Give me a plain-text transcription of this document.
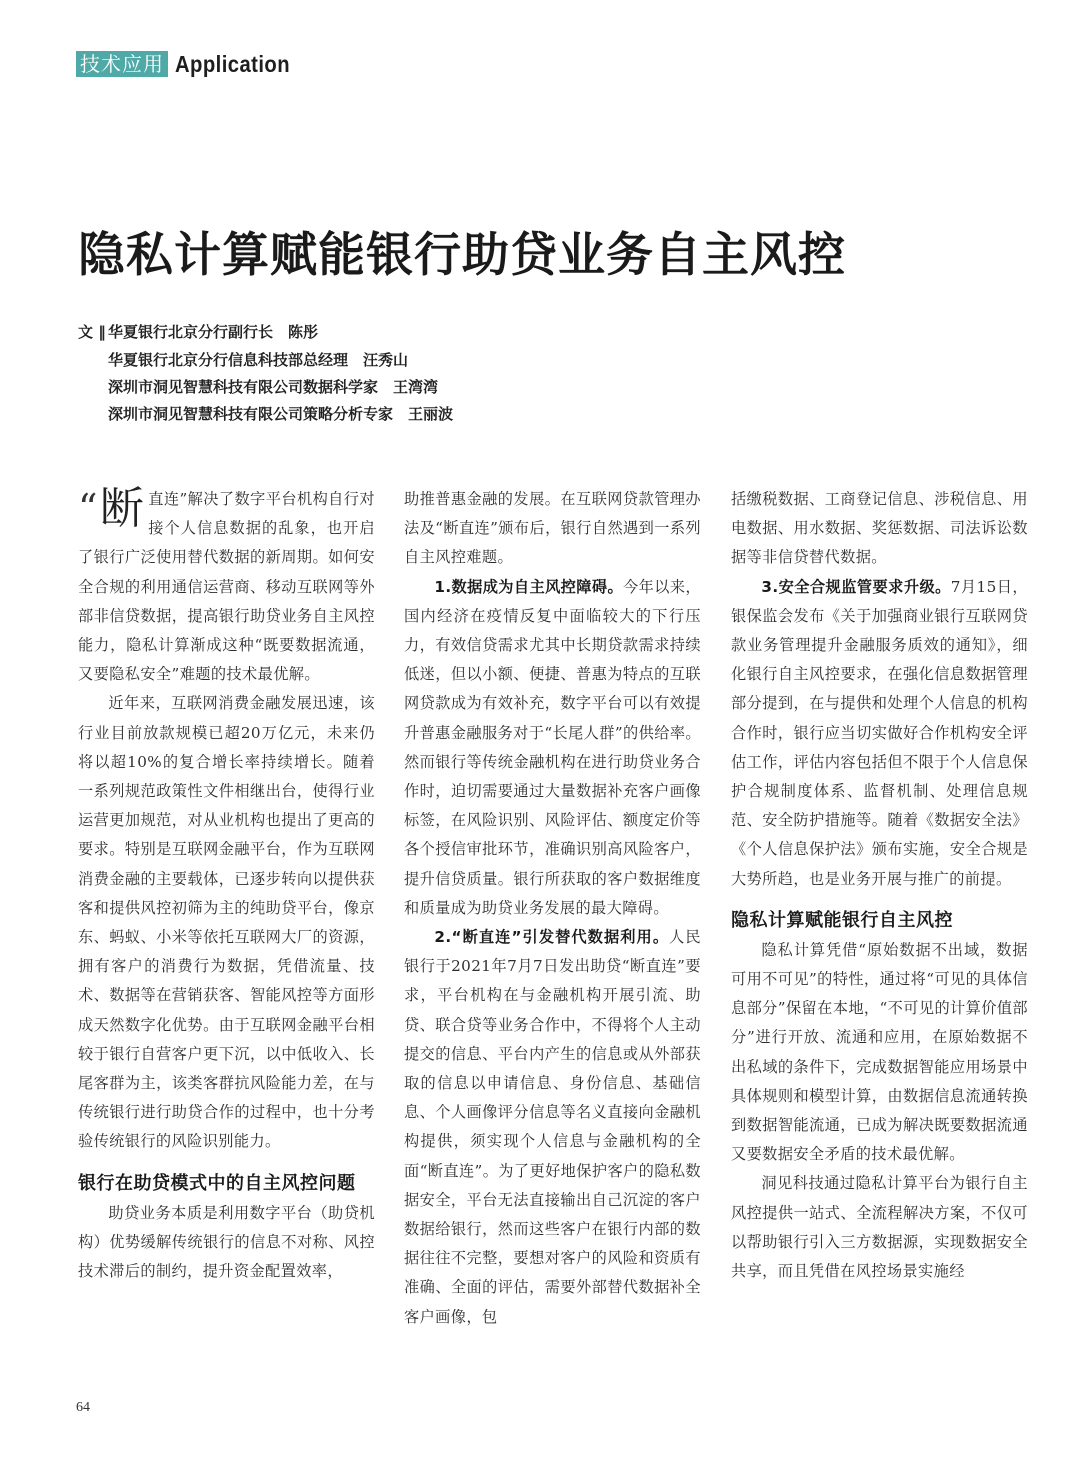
技术应用 Application
隐私计算赋能银行助贷业务自主风控
文 ‖ 华夏银行北京分行副行长　陈彤
华夏银行北京分行信息科技部总经理　汪秀山
深圳市洞见智慧科技有限公司数据科学家　王湾湾
深圳市洞见智慧科技有限公司策略分析专家　王丽波

“ 断 直连”解决了数字平台机构自行对接个人信息数据的乱象，也开启了银行广泛使用替代数据的新周期。如何安全合规的利用通信运营商、移动互联网等外部非信贷数据，提高银行助贷业务自主风控能力，隐私计算渐成这种“既要数据流通，又要隐私安全”难题的技术最优解。

近年来，互联网消费金融发展迅速，该行业目前放款规模已超20万亿元，未来仍将以超10%的复合增长率持续增长。随着一系列规范政策性文件相继出台，使得行业运营更加规范，对从业机构也提出了更高的要求。特别是互联网金融平台，作为互联网消费金融的主要载体，已逐步转向以提供获客和提供风控初筛为主的纯助贷平台，像京东、蚂蚁、小米等依托互联网大厂的资源，拥有客户的消费行为数据，凭借流量、技术、数据等在营销获客、智能风控等方面形成天然数字化优势。由于互联网金融平台相较于银行自营客户更下沉，以中低收入、长尾客群为主，该类客群抗风险能力差，在与传统银行进行助贷合作的过程中，也十分考验传统银行的风险识别能力。

银行在助贷模式中的自主风控问题

助贷业务本质是利用数字平台（助贷机构）优势缓解传统银行的信息不对称、风控技术滞后的制约，提升资金配置效率，

助推普惠金融的发展。在互联网贷款管理办法及“断直连”颁布后，银行自然遇到一系列自主风控难题。

1.数据成为自主风控障碍。今年以来，国内经济在疫情反复中面临较大的下行压力，有效信贷需求尤其中长期贷款需求持续低迷，但以小额、便捷、普惠为特点的互联网贷款成为有效补充，数字平台可以有效提升普惠金融服务对于“长尾人群”的供给率。然而银行等传统金融机构在进行助贷业务合作时，迫切需要通过大量数据补充客户画像标签，在风险识别、风险评估、额度定价等各个授信审批环节，准确识别高风险客户，提升信贷质量。银行所获取的客户数据维度和质量成为助贷业务发展的最大障碍。

2.“断直连”引发替代数据利用。人民银行于2021年7月7日发出助贷“断直连”要求，平台机构在与金融机构开展引流、助贷、联合贷等业务合作中，不得将个人主动提交的信息、平台内产生的信息或从外部获取的信息以申请信息、身份信息、基础信息、个人画像评分信息等名义直接向金融机构提供，须实现个人信息与金融机构的全面“断直连”。为了更好地保护客户的隐私数据安全，平台无法直接输出自己沉淀的客户数据给银行，然而这些客户在银行内部的数据往往不完整，要想对客户的风险和资质有准确、全面的评估，需要外部替代数据补全客户画像，包

括缴税数据、工商登记信息、涉税信息、用电数据、用水数据、奖惩数据、司法诉讼数据等非信贷替代数据。

3.安全合规监管要求升级。7月15日，银保监会发布《关于加强商业银行互联网贷款业务管理提升金融服务质效的通知》，细化银行自主风控要求，在强化信息数据管理部分提到，在与提供和处理个人信息的机构合作时，银行应当切实做好合作机构安全评估工作，评估内容包括但不限于个人信息保护合规制度体系、监督机制、处理信息规范、安全防护措施等。随着《数据安全法》《个人信息保护法》颁布实施，安全合规是大势所趋，也是业务开展与推广的前提。

隐私计算赋能银行自主风控

隐私计算凭借“原始数据不出域，数据可用不可见”的特性，通过将“可见的具体信息部分”保留在本地，“不可见的计算价值部分”进行开放、流通和应用，在原始数据不出私域的条件下，完成数据智能应用场景中具体规则和模型计算，由数据信息流通转换到数据智能流通，已成为解决既要数据流通又要数据安全矛盾的技术最优解。

洞见科技通过隐私计算平台为银行自主风控提供一站式、全流程解决方案，不仅可以帮助银行引入三方数据源，实现数据安全共享，而且凭借在风控场景实施经

64
